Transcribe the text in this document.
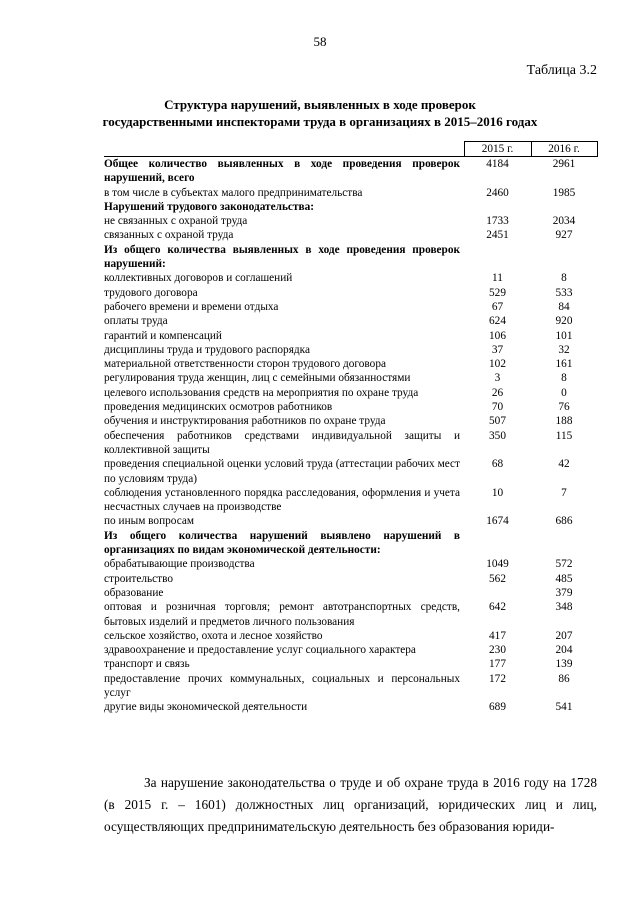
58
Таблица 3.2
Структура нарушений, выявленных в ходе проверок
государственными инспекторами труда в организациях в 2015–2016 годах
	2015 г.	2016 г.
Общее количество выявленных в ходе проведения проверок нарушений, всего	4184	2961
в том числе в субъектах малого предпринимательства	2460	1985
Нарушений трудового законодательства:		
не связанных с охраной труда	1733	2034
связанных с охраной труда	2451	927
Из общего количества выявленных в ходе проведения проверок нарушений:		
коллективных договоров и соглашений	11	8
трудового договора	529	533
рабочего времени и времени отдыха	67	84
оплаты труда	624	920
гарантий и компенсаций	106	101
дисциплины труда и трудового распорядка	37	32
материальной ответственности сторон трудового договора	102	161
регулирования труда женщин, лиц с семейными обязанностями	3	8
целевого использования средств на мероприятия по охране труда	26	0
проведения медицинских осмотров работников	70	76
обучения и инструктирования работников по охране труда	507	188
обеспечения работников средствами индивидуальной защиты и коллективной защиты	350	115
проведения специальной оценки условий труда (аттестации рабочих мест по условиям труда)	68	42
соблюдения установленного порядка расследования, оформления и учета несчастных случаев на производстве	10	7
по иным вопросам	1674	686
Из общего количества нарушений выявлено нарушений в организациях по видам экономической деятельности:		
обрабатывающие производства	1049	572
строительство	562	485
образование		379
оптовая и розничная торговля; ремонт автотранспортных средств, бытовых изделий и предметов личного пользования	642	348
сельское хозяйство, охота и лесное хозяйство	417	207
здравоохранение и предоставление услуг социального характера	230	204
транспорт и связь	177	139
предоставление прочих коммунальных, социальных и персональных услуг	172	86
другие виды экономической деятельности	689	541
За нарушение законодательства о труде и об охране труда в 2016 году на 1728 (в 2015 г. – 1601) должностных лиц организаций, юридических лиц и лиц, осуществляющих предпринимательскую деятельность без образования юриди-
